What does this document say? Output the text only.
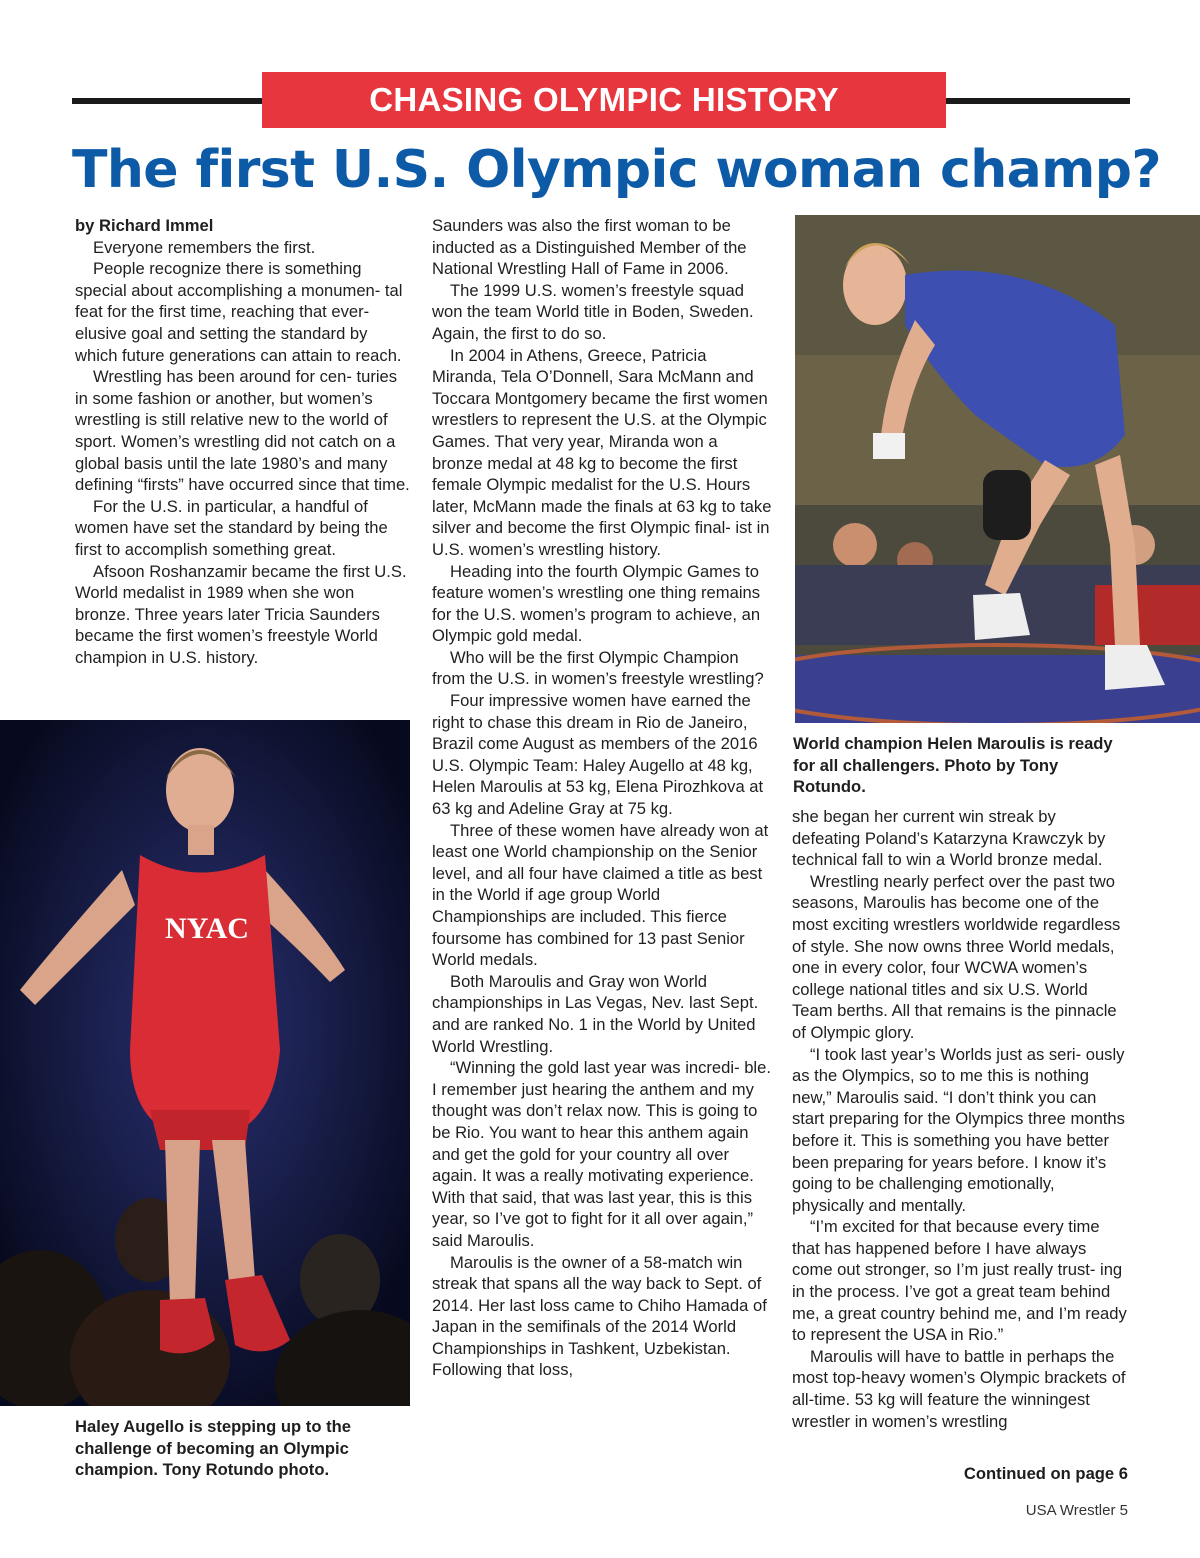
CHASING OLYMPIC HISTORY
The first U.S. Olympic woman champ?

by Richard Immel

Everyone remembers the first.

People recognize there is something special about accomplishing a monumen- tal feat for the first time, reaching that ever-elusive goal and setting the standard by which future generations can attain to reach.

Wrestling has been around for cen- turies in some fashion or another, but women’s wrestling is still relative new to the world of sport. Women’s wrestling did not catch on a global basis until the late 1980’s and many defining “firsts” have occurred since that time.

For the U.S. in particular, a handful of women have set the standard by being the first to accomplish something great.

Afsoon Roshanzamir became the first U.S. World medalist in 1989 when she won bronze. Three years later Tricia Saunders became the first women’s freestyle World champion in U.S. history.

NYAC
Haley Augello is stepping up to the challenge of becoming an Olympic champion. Tony Rotundo photo.

Saunders was also the first woman to be inducted as a Distinguished Member of the National Wrestling Hall of Fame in 2006.

The 1999 U.S. women’s freestyle squad won the team World title in Boden, Sweden. Again, the first to do so.

In 2004 in Athens, Greece, Patricia Miranda, Tela O’Donnell, Sara McMann and Toccara Montgomery became the first women wrestlers to represent the U.S. at the Olympic Games. That very year, Miranda won a bronze medal at 48 kg to become the first female Olympic medalist for the U.S. Hours later, McMann made the finals at 63 kg to take silver and become the first Olympic final- ist in U.S. women’s wrestling history.

Heading into the fourth Olympic Games to feature women’s wrestling one thing remains for the U.S. women’s program to achieve, an Olympic gold medal.

Who will be the first Olympic Champion from the U.S. in women’s freestyle wrestling?

Four impressive women have earned the right to chase this dream in Rio de Janeiro, Brazil come August as members of the 2016 U.S. Olympic Team: Haley Augello at 48 kg, Helen Maroulis at 53 kg, Elena Pirozhkova at 63 kg and Adeline Gray at 75 kg.

Three of these women have already won at least one World championship on the Senior level, and all four have claimed a title as best in the World if age group World Championships are included. This fierce foursome has combined for 13 past Senior World medals.

Both Maroulis and Gray won World championships in Las Vegas, Nev. last Sept. and are ranked No. 1 in the World by United World Wrestling.

“Winning the gold last year was incredi- ble. I remember just hearing the anthem and my thought was don’t relax now. This is going to be Rio. You want to hear this anthem again and get the gold for your country all over again. It was a really motivating experience. With that said, that was last year, this is this year, so I’ve got to fight for it all over again,” said Maroulis.

Maroulis is the owner of a 58-match win streak that spans all the way back to Sept. of 2014. Her last loss came to Chiho Hamada of Japan in the semifinals of the 2014 World Championships in Tashkent, Uzbekistan. Following that loss,

World champion Helen Maroulis is ready for all challengers. Photo by Tony Rotundo.

she began her current win streak by defeating Poland’s Katarzyna Krawczyk by technical fall to win a World bronze medal.

Wrestling nearly perfect over the past two seasons, Maroulis has become one of the most exciting wrestlers worldwide regardless of style. She now owns three World medals, one in every color, four WCWA women’s college national titles and six U.S. World Team berths. All that remains is the pinnacle of Olympic glory.

“I took last year’s Worlds just as seri- ously as the Olympics, so to me this is nothing new,” Maroulis said. “I don’t think you can start preparing for the Olympics three months before it. This is something you have better been preparing for years before. I know it’s going to be challenging emotionally, physically and mentally.

“I’m excited for that because every time that has happened before I have always come out stronger, so I’m just really trust- ing in the process. I’ve got a great team behind me, a great country behind me, and I’m ready to represent the USA in Rio.”

Maroulis will have to battle in perhaps the most top-heavy women’s Olympic brackets of all-time. 53 kg will feature the winningest wrestler in women’s wrestling

Continued on page 6
USA Wrestler 5
